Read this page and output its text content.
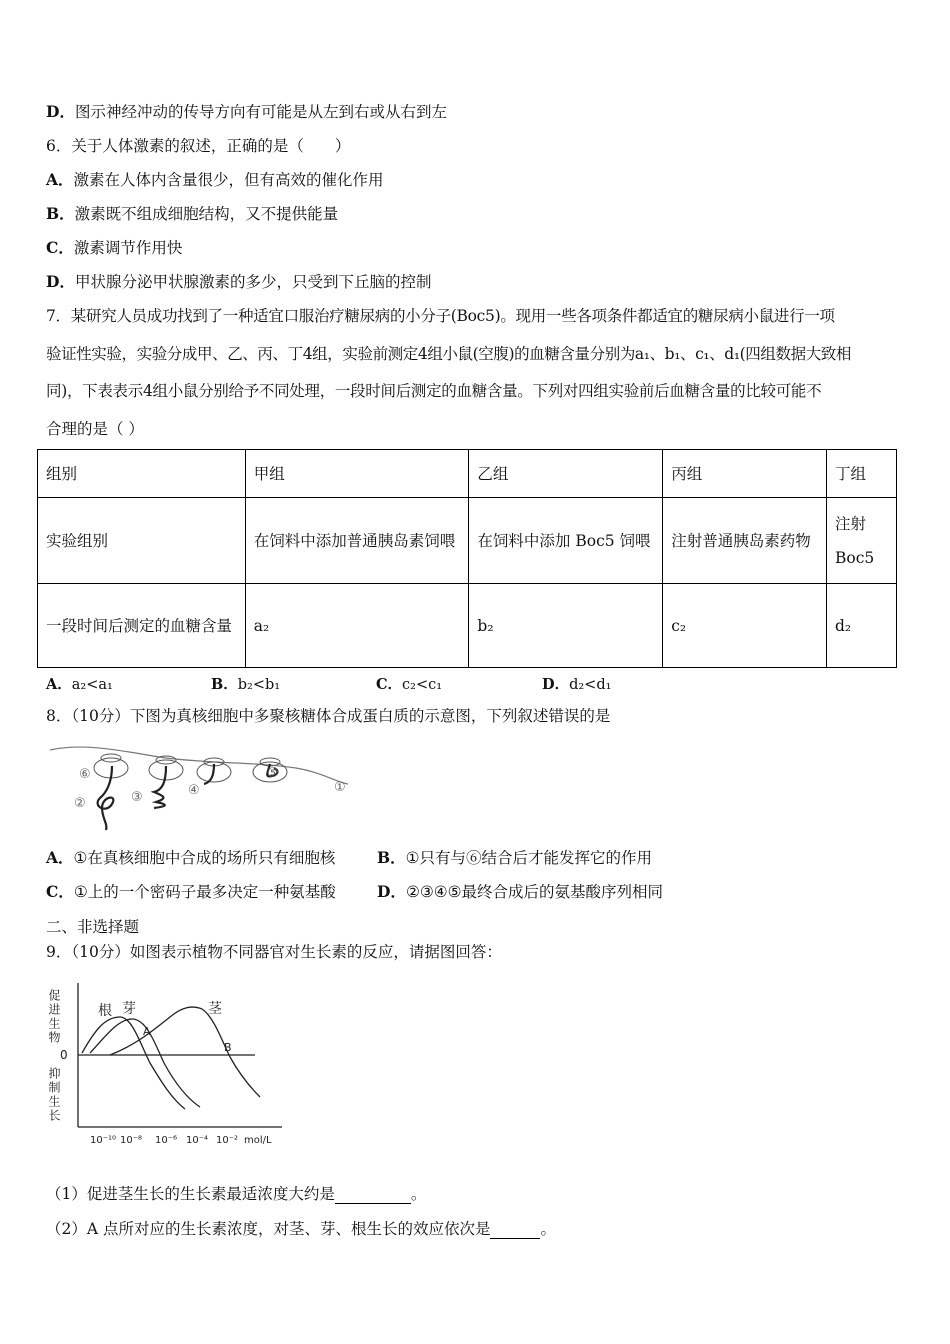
D．图示神经冲动的传导方向有可能是从左到右或从右到左
6．关于人体激素的叙述，正确的是（　　）
A．激素在人体内含量很少，但有高效的催化作用
B．激素既不组成细胞结构，又不提供能量
C．激素调节作用快
D．甲状腺分泌甲状腺激素的多少，只受到下丘脑的控制
7．某研究人员成功找到了一种适宜口服治疗糖尿病的小分子(Boc5)。现用一些各项条件都适宜的糖尿病小鼠进行一项
验证性实验，实验分成甲、乙、丙、丁4组，实验前测定4组小鼠(空腹)的血糖含量分别为a₁、b₁、c₁、d₁(四组数据大致相
同)，下表表示4组小鼠分别给予不同处理，一段时间后测定的血糖含量。下列对四组实验前后血糖含量的比较可能不
合理的是（ ）
组别	甲组	乙组	丙组	丁组
实验组别	在饲料中添加普通胰岛素饲喂	在饲料中添加 Boc5 饲喂	注射普通胰岛素药物	注射 Boc5
一段时间后测定的血糖含量	a₂	b₂	c₂	d₂
A．a₂<a₁	B．b₂<b₁	C．c₂<c₁	D．d₂<d₁
8．（10分）下图为真核细胞中多聚核糖体合成蛋白质的示意图，下列叙述错误的是
⑥
②	③	④
⑤
①
A．①在真核细胞中合成的场所只有细胞核	B．①只有与⑥结合后才能发挥它的作用
C．①上的一个密码子最多决定一种氨基酸	D．②③④⑤最终合成后的氨基酸序列相同
二、非选择题
9．（10分）如图表示植物不同器官对生长素的反应，请据图回答：
促进生物
0
抑制生长
根 芽	茎
A
B
10⁻¹⁰ 10⁻⁸ 10⁻⁶ 10⁻⁴ 10⁻² mol/L
（1）促进茎生长的生长素最适浓度大约是	。
（2）A 点所对应的生长素浓度，对茎、芽、根生长的效应依次是	。
